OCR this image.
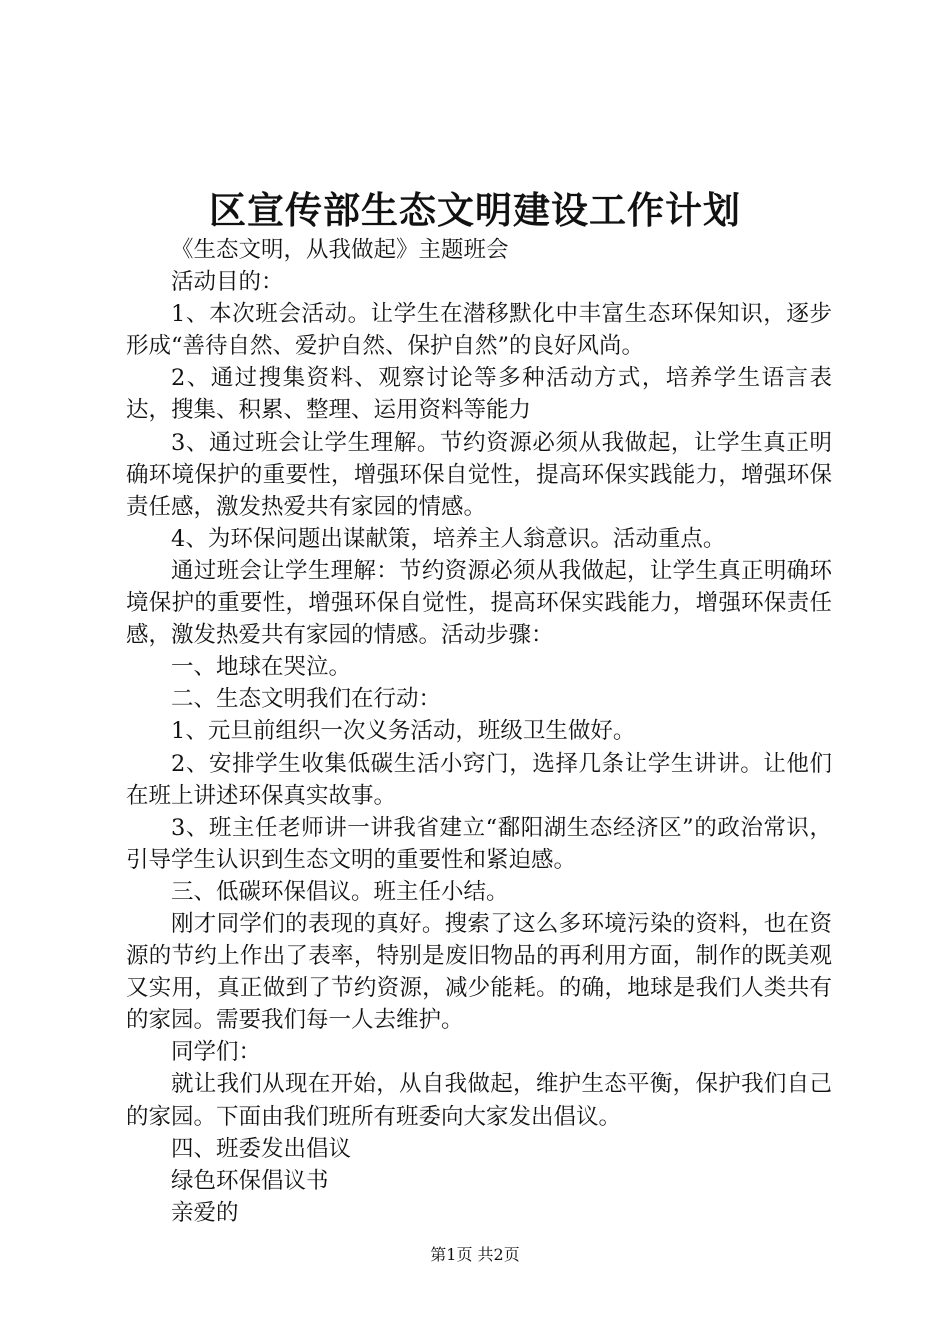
区宣传部生态文明建设工作计划

《生态文明，从我做起》主题班会

活动目的：

1、本次班会活动。让学生在潜移默化中丰富生态环保知识，逐步形成“善待自然、爱护自然、保护自然”的良好风尚。

2、通过搜集资料、观察讨论等多种活动方式，培养学生语言表达，搜集、积累、整理、运用资料等能力

3、通过班会让学生理解。节约资源必须从我做起，让学生真正明确环境保护的重要性，增强环保自觉性，提高环保实践能力，增强环保责任感，激发热爱共有家园的情感。

4、为环保问题出谋献策，培养主人翁意识。活动重点。

通过班会让学生理解：节约资源必须从我做起，让学生真正明确环境保护的重要性，增强环保自觉性，提高环保实践能力，增强环保责任感，激发热爱共有家园的情感。活动步骤：

一、地球在哭泣。

二、生态文明我们在行动：

1、元旦前组织一次义务活动，班级卫生做好。

2、安排学生收集低碳生活小窍门，选择几条让学生讲讲。让他们在班上讲述环保真实故事。

3、班主任老师讲一讲我省建立“鄱阳湖生态经济区”的政治常识，引导学生认识到生态文明的重要性和紧迫感。

三、低碳环保倡议。班主任小结。

刚才同学们的表现的真好。搜索了这么多环境污染的资料，也在资源的节约上作出了表率，特别是废旧物品的再利用方面，制作的既美观又实用，真正做到了节约资源，减少能耗。的确，地球是我们人类共有的家园。需要我们每一人去维护。

同学们：

就让我们从现在开始，从自我做起，维护生态平衡，保护我们自己的家园。下面由我们班所有班委向大家发出倡议。

四、班委发出倡议

绿色环保倡议书

亲爱的

第1页 共2页
